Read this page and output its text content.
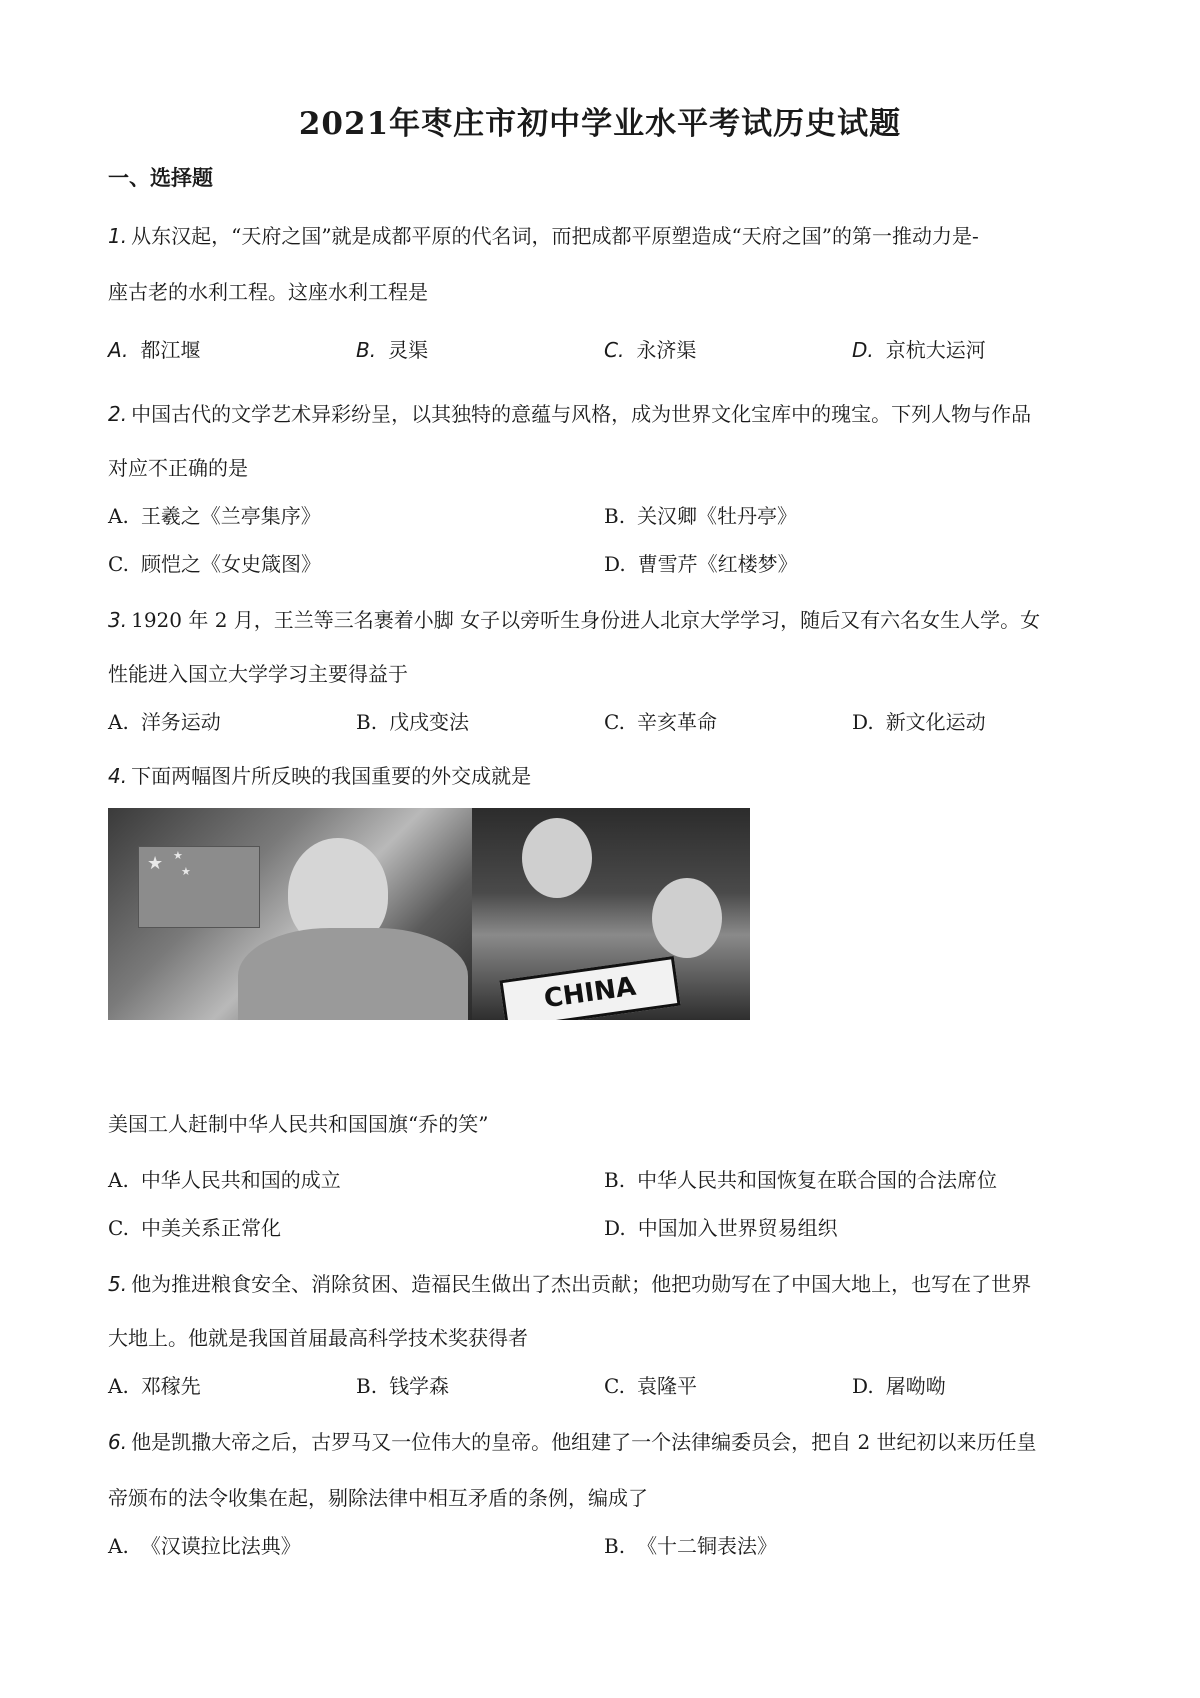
2021年枣庄市初中学业水平考试历史试题
一、选择题
1. 从东汉起，“天府之国”就是成都平原的代名词，而把成都平原塑造成“天府之国”的第一推动力是-
座古老的水利工程。这座水利工程是
A. 都江堰	B. 灵渠	C. 永济渠	D. 京杭大运河
2. 中国古代的文学艺术异彩纷呈，以其独特的意蕴与风格，成为世界文化宝库中的瑰宝。下列人物与作品
对应不正确的是
A. 王羲之《兰亭集序》	B. 关汉卿《牡丹亭》
C. 顾恺之《女史箴图》	D. 曹雪芹《红楼梦》
3. 1920 年 2 月，王兰等三名裹着小脚 女子以旁听生身份进人北京大学学习，随后又有六名女生人学。女
性能进入国立大学学习主要得益于
A. 洋务运动	B. 戊戌变法	C. 辛亥革命	D. 新文化运动
4. 下面两幅图片所反映的我国重要的外交成就是
★ ★
★
CHINA
美国工人赶制中华人民共和国国旗“乔的笑”
A. 中华人民共和国的成立	B. 中华人民共和国恢复在联合国的合法席位
C. 中美关系正常化	D. 中国加入世界贸易组织
5. 他为推进粮食安全、消除贫困、造福民生做出了杰出贡献；他把功勋写在了中国大地上，也写在了世界
大地上。他就是我国首届最高科学技术奖获得者
A. 邓稼先	B. 钱学森	C. 袁隆平	D. 屠呦呦
6. 他是凯撒大帝之后，古罗马又一位伟大的皇帝。他组建了一个法律编委员会，把自 2 世纪初以来历任皇
帝颁布的法令收集在起，剔除法律中相互矛盾的条例，编成了
A. 《汉谟拉比法典》	B. 《十二铜表法》
